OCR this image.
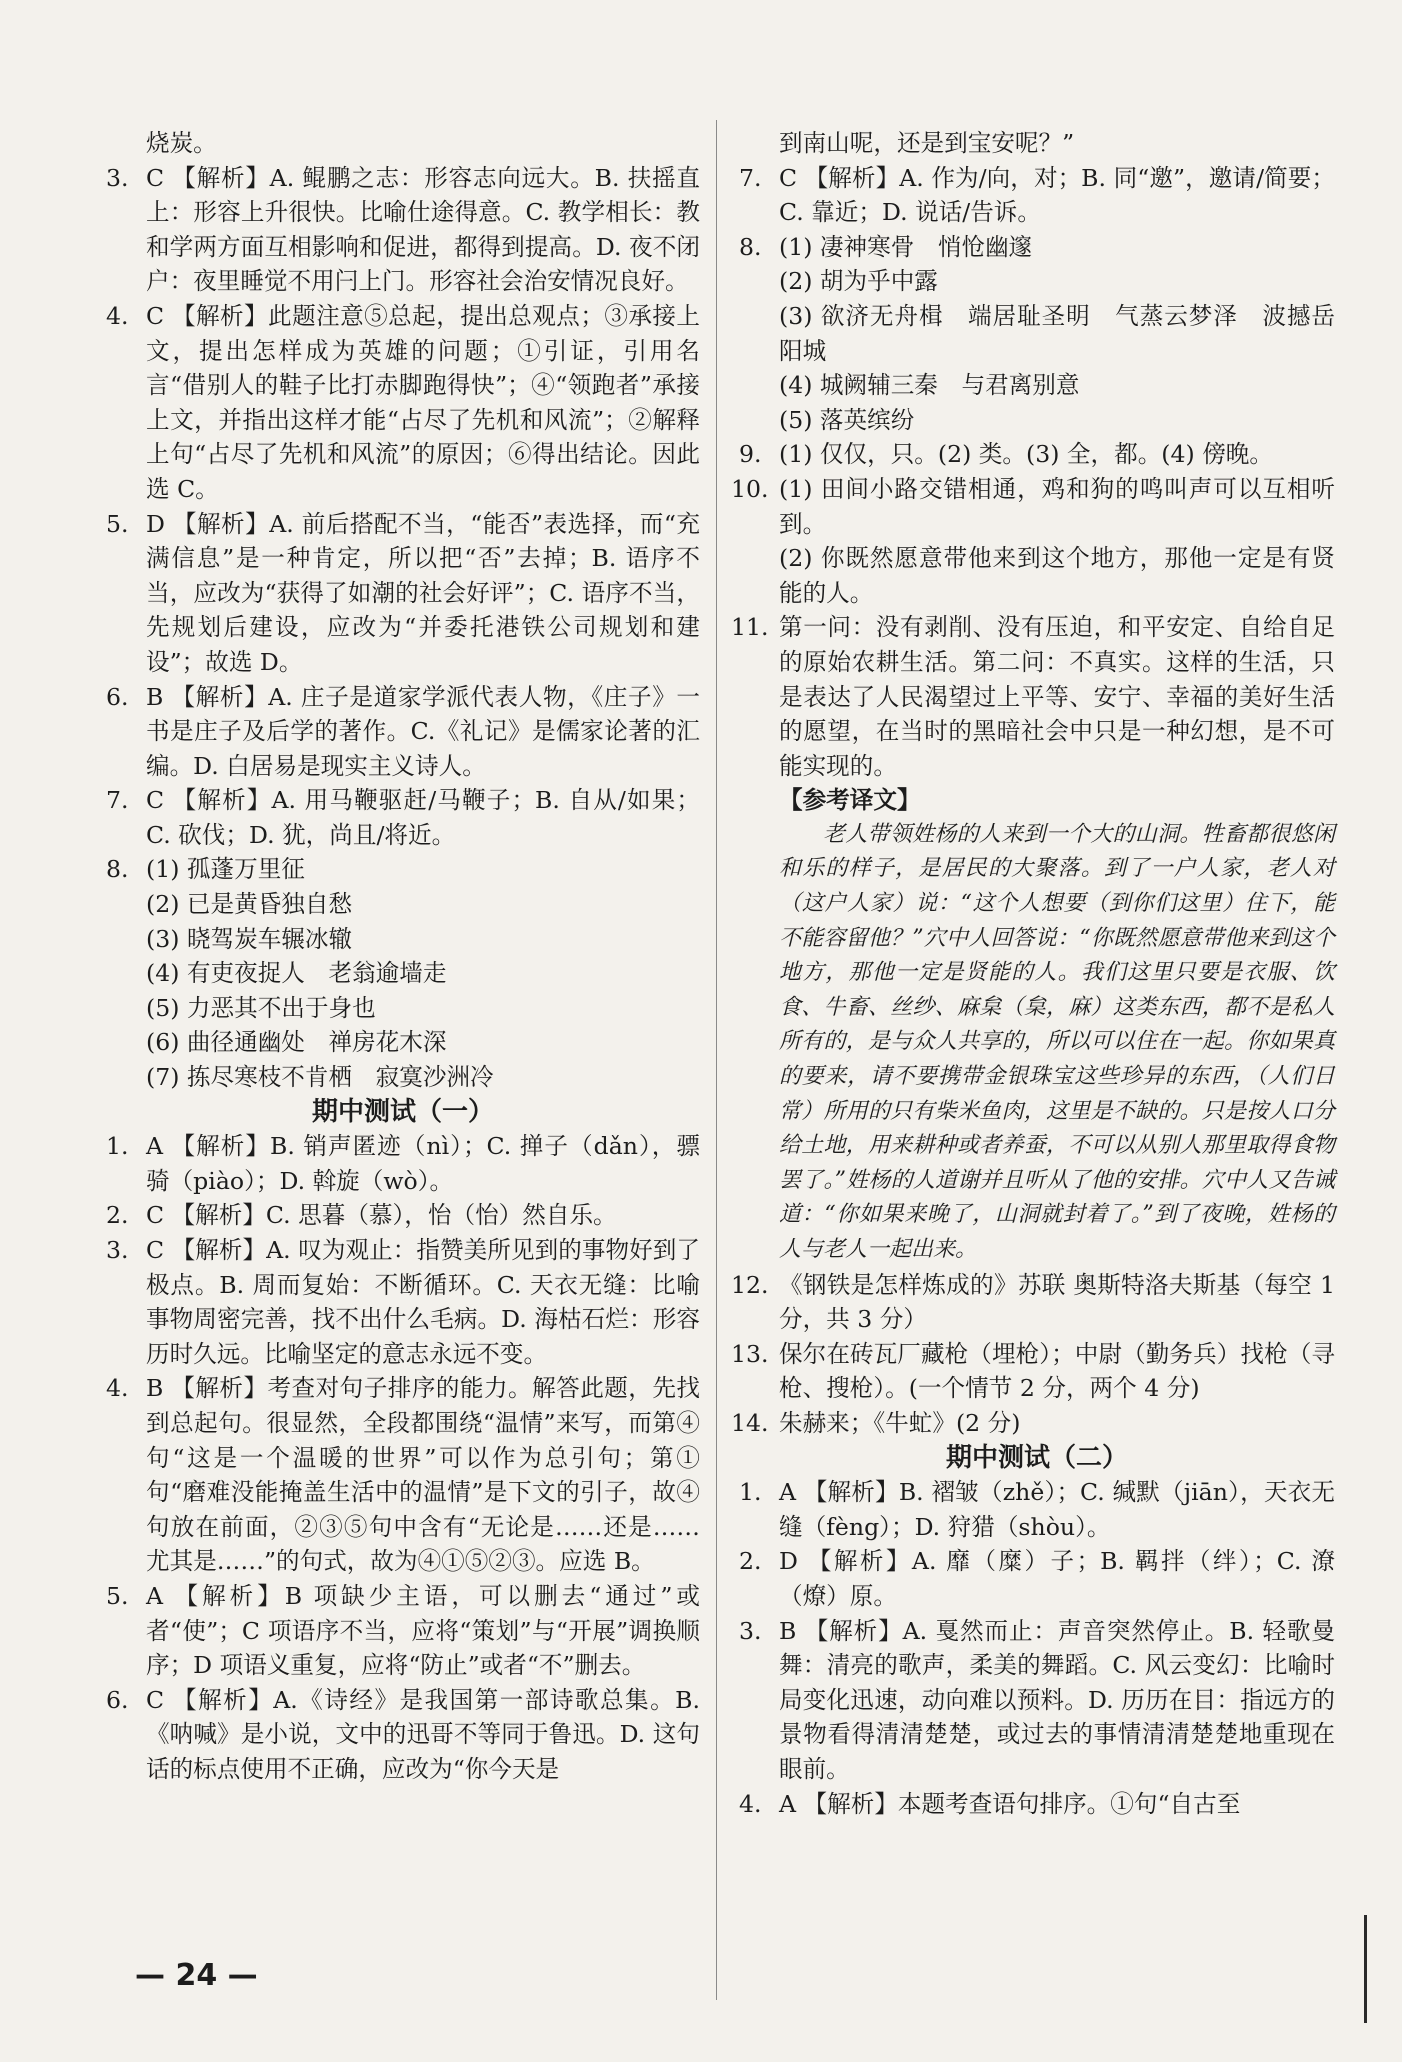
烧炭。

3. C 【解析】A. 鲲鹏之志：形容志向远大。B. 扶摇直上：形容上升很快。比喻仕途得意。C. 教学相长：教和学两方面互相影响和促进，都得到提高。D. 夜不闭户：夜里睡觉不用闩上门。形容社会治安情况良好。
4. C 【解析】此题注意⑤总起，提出总观点；③承接上文，提出怎样成为英雄的问题；①引证，引用名言“借别人的鞋子比打赤脚跑得快”；④“领跑者”承接上文，并指出这样才能“占尽了先机和风流”；②解释上句“占尽了先机和风流”的原因；⑥得出结论。因此选 C。
5. D 【解析】A. 前后搭配不当，“能否”表选择，而“充满信息”是一种肯定，所以把“否”去掉；B. 语序不当，应改为“获得了如潮的社会好评”；C. 语序不当，先规划后建设，应改为“并委托港铁公司规划和建设”；故选 D。
6. B 【解析】A. 庄子是道家学派代表人物，《庄子》一书是庄子及后学的著作。C.《礼记》是儒家论著的汇编。D. 白居易是现实主义诗人。
7. C 【解析】A. 用马鞭驱赶/马鞭子；B. 自从/如果；C. 砍伐；D. 犹，尚且/将近。
8. (1) 孤蓬万里征
(2) 已是黄昏独自愁
(3) 晓驾炭车辗冰辙
(4) 有吏夜捉人　老翁逾墙走
(5) 力恶其不出于身也
(6) 曲径通幽处　禅房花木深
(7) 拣尽寒枝不肯栖　寂寞沙洲冷

期中测试（一）

1. A 【解析】B. 销声匿迹（nì）；C. 掸子（dǎn），骠骑（piào）；D. 斡旋（wò）。
2. C 【解析】C. 思暮（慕），怡（怡）然自乐。
3. C 【解析】A. 叹为观止：指赞美所见到的事物好到了极点。B. 周而复始：不断循环。C. 天衣无缝：比喻事物周密完善，找不出什么毛病。D. 海枯石烂：形容历时久远。比喻坚定的意志永远不变。
4. B 【解析】考查对句子排序的能力。解答此题，先找到总起句。很显然，全段都围绕“温情”来写，而第④句“这是一个温暖的世界”可以作为总引句；第①句“磨难没能掩盖生活中的温情”是下文的引子，故④句放在前面，②③⑤句中含有“无论是……还是……尤其是……”的句式，故为④①⑤②③。应选 B。
5. A 【解析】B 项缺少主语，可以删去“通过”或者“使”；C 项语序不当，应将“策划”与“开展”调换顺序；D 项语义重复，应将“防止”或者“不”删去。
6. C 【解析】A.《诗经》是我国第一部诗歌总集。B.《呐喊》是小说，文中的迅哥不等同于鲁迅。D. 这句话的标点使用不正确，应改为“你今天是

到南山呢，还是到宝安呢？”

7. C 【解析】A. 作为/向，对；B. 同“邀”，邀请/简要；C. 靠近；D. 说话/告诉。
8. (1) 凄神寒骨　悄怆幽邃
(2) 胡为乎中露
(3) 欲济无舟楫　端居耻圣明　气蒸云梦泽　波撼岳阳城
(4) 城阙辅三秦　与君离别意
(5) 落英缤纷
9. (1) 仅仅，只。(2) 类。(3) 全，都。(4) 傍晚。
10. (1) 田间小路交错相通，鸡和狗的鸣叫声可以互相听到。
(2) 你既然愿意带他来到这个地方，那他一定是有贤能的人。
11. 第一问：没有剥削、没有压迫，和平安定、自给自足的原始农耕生活。第二问：不真实。这样的生活，只是表达了人民渴望过上平等、安宁、幸福的美好生活的愿望，在当时的黑暗社会中只是一种幻想，是不可能实现的。

【参考译文】

老人带领姓杨的人来到一个大的山洞。牲畜都很悠闲和乐的样子，是居民的大聚落。到了一户人家，老人对（这户人家）说：“这个人想要（到你们这里）住下，能不能容留他？”穴中人回答说：“你既然愿意带他来到这个地方，那他一定是贤能的人。我们这里只要是衣服、饮食、牛畜、丝纱、麻枲（枲，麻）这类东西，都不是私人所有的，是与众人共享的，所以可以住在一起。你如果真的要来，请不要携带金银珠宝这些珍异的东西，（人们日常）所用的只有柴米鱼肉，这里是不缺的。只是按人口分给土地，用来耕种或者养蚕，不可以从别人那里取得食物罢了。”姓杨的人道谢并且听从了他的安排。穴中人又告诫道：“你如果来晚了，山洞就封着了。”到了夜晚，姓杨的人与老人一起出来。

12. 《钢铁是怎样炼成的》苏联 奥斯特洛夫斯基（每空 1 分，共 3 分）
13. 保尔在砖瓦厂藏枪（埋枪）；中尉（勤务兵）找枪（寻枪、搜枪）。(一个情节 2 分，两个 4 分)
14. 朱赫来；《牛虻》(2 分)

期中测试（二）

1. A 【解析】B. 褶皱（zhě）；C. 缄默（jiān），天衣无缝（fèng）；D. 狩猎（shòu）。
2. D 【解析】A. 靡（糜）子；B. 羁拌（绊）；C. 潦（燎）原。
3. B 【解析】A. 戛然而止：声音突然停止。B. 轻歌曼舞：清亮的歌声，柔美的舞蹈。C. 风云变幻：比喻时局变化迅速，动向难以预料。D. 历历在目：指远方的景物看得清清楚楚，或过去的事情清清楚楚地重现在眼前。
4. A 【解析】本题考查语句排序。①句“自古至
— 24 —
